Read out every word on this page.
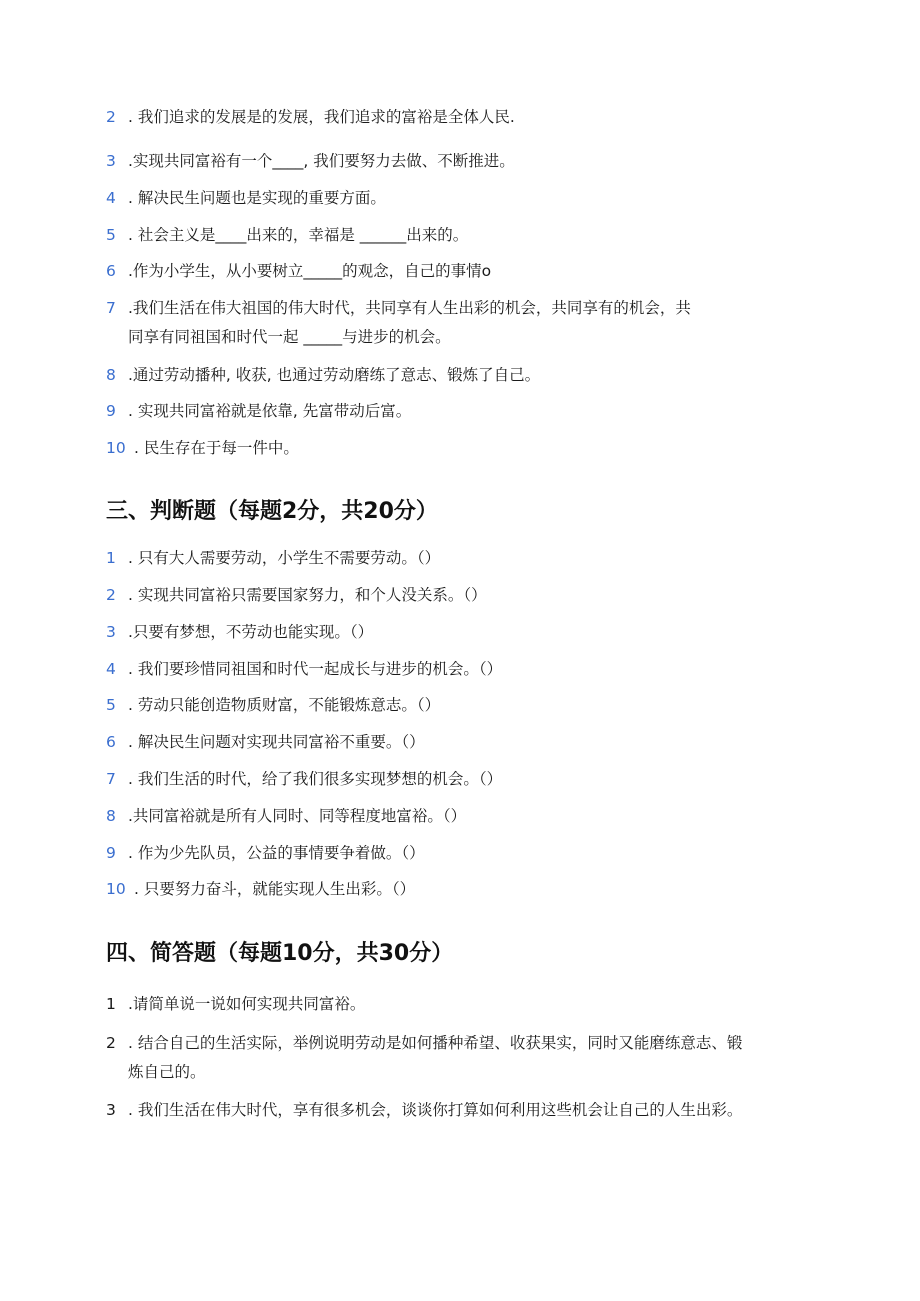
2 . 我们追求的发展是的发展，我们追求的富裕是全体人民.
3 .实现共同富裕有一个____, 我们要努力去做、不断推进。
4 . 解决民生问题也是实现的重要方面。
5 . 社会主义是____出来的，幸福是 ______出来的。
6 .作为小学生，从小要树立_____的观念，自己的事情o
7 .我们生活在伟大祖国的伟大时代，共同享有人生出彩的机会，共同享有的机会，共
同享有同祖国和时代一起 _____与进步的机会。
8 .通过劳动播种, 收获, 也通过劳动磨练了意志、锻炼了自己。
9 . 实现共同富裕就是依靠, 先富带动后富。
10 . 民生存在于每一件中。
三、判断题（每题2分，共20分）
1 . 只有大人需要劳动，小学生不需要劳动。（）
2 . 实现共同富裕只需要国家努力，和个人没关系。（）
3 .只要有梦想，不劳动也能实现。（）
4 . 我们要珍惜同祖国和时代一起成长与进步的机会。（）
5 . 劳动只能创造物质财富，不能锻炼意志。（）
6 . 解决民生问题对实现共同富裕不重要。（）
7 . 我们生活的时代，给了我们很多实现梦想的机会。（）
8 .共同富裕就是所有人同时、同等程度地富裕。（）
9 . 作为少先队员，公益的事情要争着做。（）
10 . 只要努力奋斗，就能实现人生出彩。（）
四、简答题（每题10分，共30分）
1 .请简单说一说如何实现共同富裕。
2 . 结合自己的生活实际，举例说明劳动是如何播种希望、收获果实，同时又能磨练意志、锻
炼自己的。
3 . 我们生活在伟大时代，享有很多机会，谈谈你打算如何利用这些机会让自己的人生出彩。
